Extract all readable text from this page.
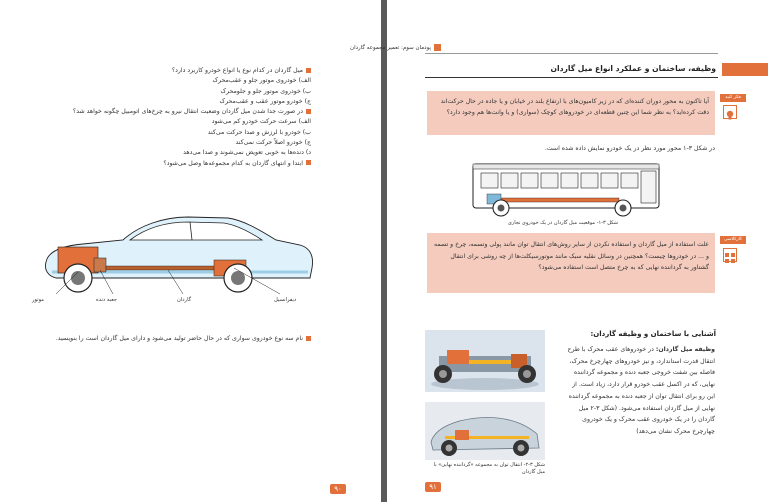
میل گاردان در کدام نوع یا انواع خودرو کاربرد دارد؟
الف) خودروی موتور جلو و عقب‌محرک
ب) خودروی موتور جلو و جلومحرک
ج) خودرو موتور عقب و عقب‌محرک
در صورت جدا شدن میل گاردان وضعیت انتقال نیرو به چرخ‌های اتومبیل چگونه خواهد شد؟
الف) سرعت حرکت خودرو کم می‌شود
ب) خودرو با لرزش و صدا حرکت می‌کند
ج) خودرو اصلاً حرکت نمی‌کند
د) دنده‌ها به خوبی تعویض نمی‌شوند و صدا می‌دهد
ابتدا و انتهای گاردان به کدام مجموعه‌ها وصل می‌شود؟
موتور	جعبه دنده	گاردان	دیفرانسیل
نام سه نوع خودروی سواری که در حال حاضر تولید می‌شود و دارای میل گاردان است را بنویسید.
۹۰
پودمان سوم: تعمیر مجموعه گاردان
وظیفه، ساختمان و عملکرد انواع میل گاردان
آیا تاکنون به محور دوران کننده‌ای که در زیر کامیون‌های با ارتفاع بلند در خیابان و یا جاده در حال حرکت‌اند دقت کرده‌اید؟ به نظر شما این چنین قطعه‌ای در خودروهای کوچک (سواری) و یا وانت‌ها هم وجود دارد؟
فکر کنید
در شکل ۳-۱ محور مورد نظر در یک خودرو نمایش داده شده است.
شکل ۳-۱- موقعیت میل گاردان در یک خودروی تجاری
علت استفاده از میل گاردان و استفاده نکردن از سایر روش‌های انتقال توان مانند پولی وتسمه، چرخ و تسمه و ... در خودروها چیست؟ همچنین در وسائل نقلیه سبک مانند موتورسیکلت‌ها از چه روشی برای انتقال گشتاور به گرداننده نهایی که به چرخ متصل است استفاده می‌شود؟
کارکلاسی
آشنایی با ساختمان و وظیفه گاردان:
وظیفه میل گاردان: در خودروهای عقب محرک با طرح انتقال قدرت استاندارد، و نیز خودروهای چهارچرخ محرک، فاصله بین شفت خروجی جعبه دنده و مجموعه گرداننده نهایی، که در اکسل عقب خودرو قرار دارد، زیاد است. از این رو برای انتقال توان از جعبه دنده به مجموعه گرداننده نهایی از میل گاردان استفاده می‌شود. (شکل ۳-۲ میل گاردان را در یک خودروی عقب محرک و یک خودروی چهارچرخ محرک نشان می‌دهد)
شکل ۳-۲- انتقال توان به مجموعه «گرداننده نهایی» با میل گاردان
۹۱
